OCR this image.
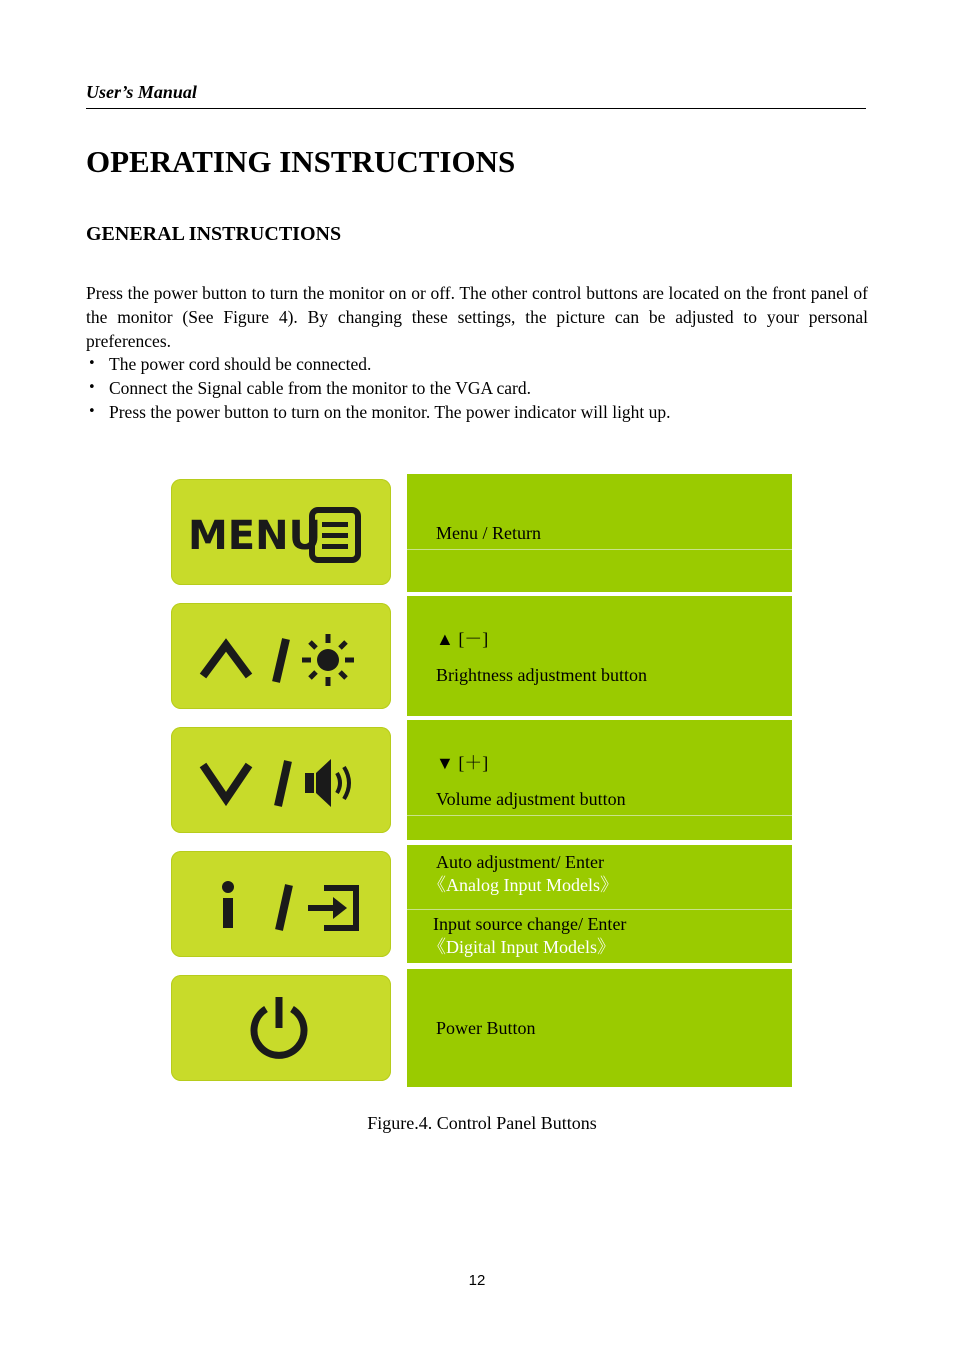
User’s Manual
OPERATING INSTRUCTIONS
GENERAL INSTRUCTIONS

Press the power button to turn the monitor on or off. The other control buttons are located on the front panel of the monitor (See Figure 4). By changing these settings, the picture can be adjusted to your personal preferences.

• The power cord should be connected.
• Connect the Signal cable from the monitor to the VGA card.
• Press the power button to turn on the monitor. The power indicator will light up.
MENU	Menu / Return
▲ [－]
Brightness adjustment button
▼ [＋]
Volume adjustment button
Auto adjustment/ Enter
《Analog Input Models》
Input source change/ Enter
《Digital Input Models》
Power Button
Figure.4. Control Panel Buttons
12
